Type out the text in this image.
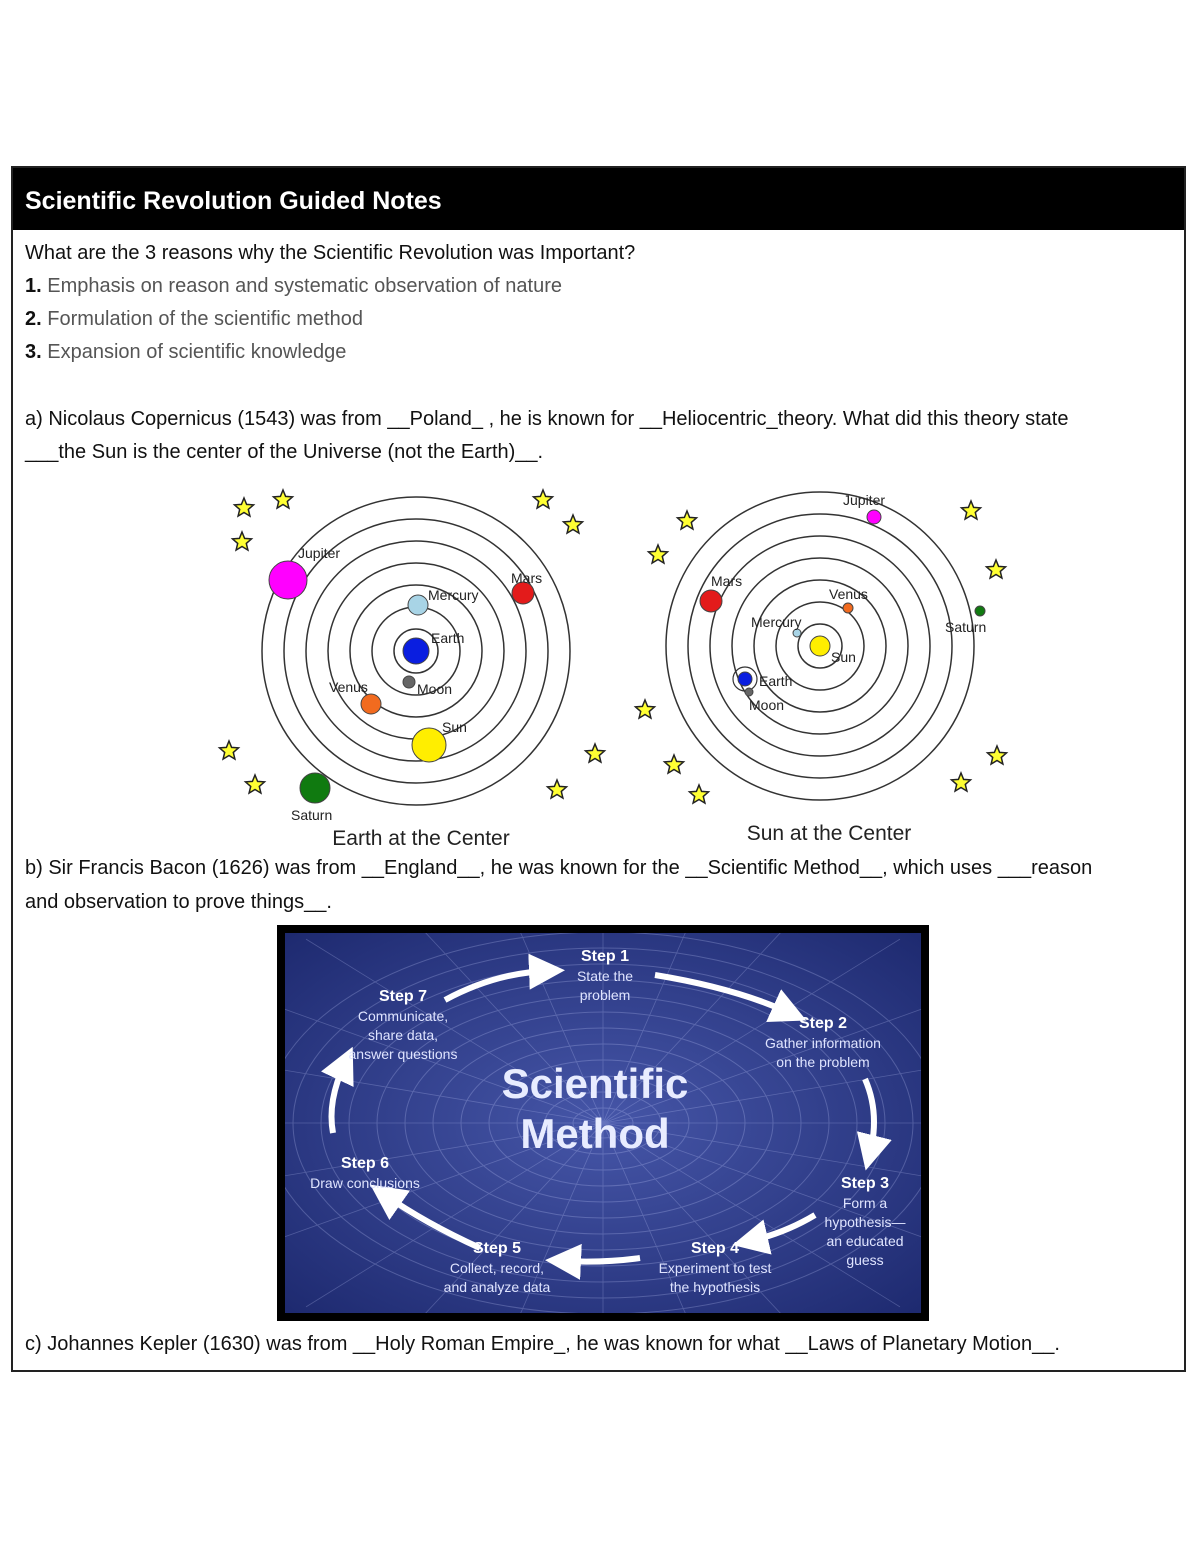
Scientific Revolution Guided Notes
What are the 3 reasons why the Scientific Revolution was Important?
1. Emphasis on reason and systematic observation of nature
2. Formulation of the scientific method
3. Expansion of scientific knowledge
a) Nicolaus Copernicus (1543) was from __Poland_ , he is known for __Heliocentric_theory. What did this theory state
___the Sun is the center of the Universe (not the Earth)__.
Earth
Moon
Mercury
Venus
Sun
Mars
Jupiter
Saturn
Sun
Mercury
Venus
Earth
Moon
Mars
Jupiter
Saturn
Earth at the Center	Sun at the Center
b) Sir Francis Bacon (1626) was from __England__, he was known for the __Scientific Method__, which uses ___reason
and observation to prove things__.
Scientific
Method
Step 1
State the
problem
Step 2
Gather information
on the problem
Step 3
Form a
hypothesis—
an educated
guess
Step 4
Experiment to test
the hypothesis
Step 5
Collect, record,
and analyze data
Step 6
Draw conclusions
Step 7
Communicate,
share data,
answer questions
c) Johannes Kepler (1630) was from __Holy Roman Empire_, he was known for what __Laws of Planetary Motion__.
